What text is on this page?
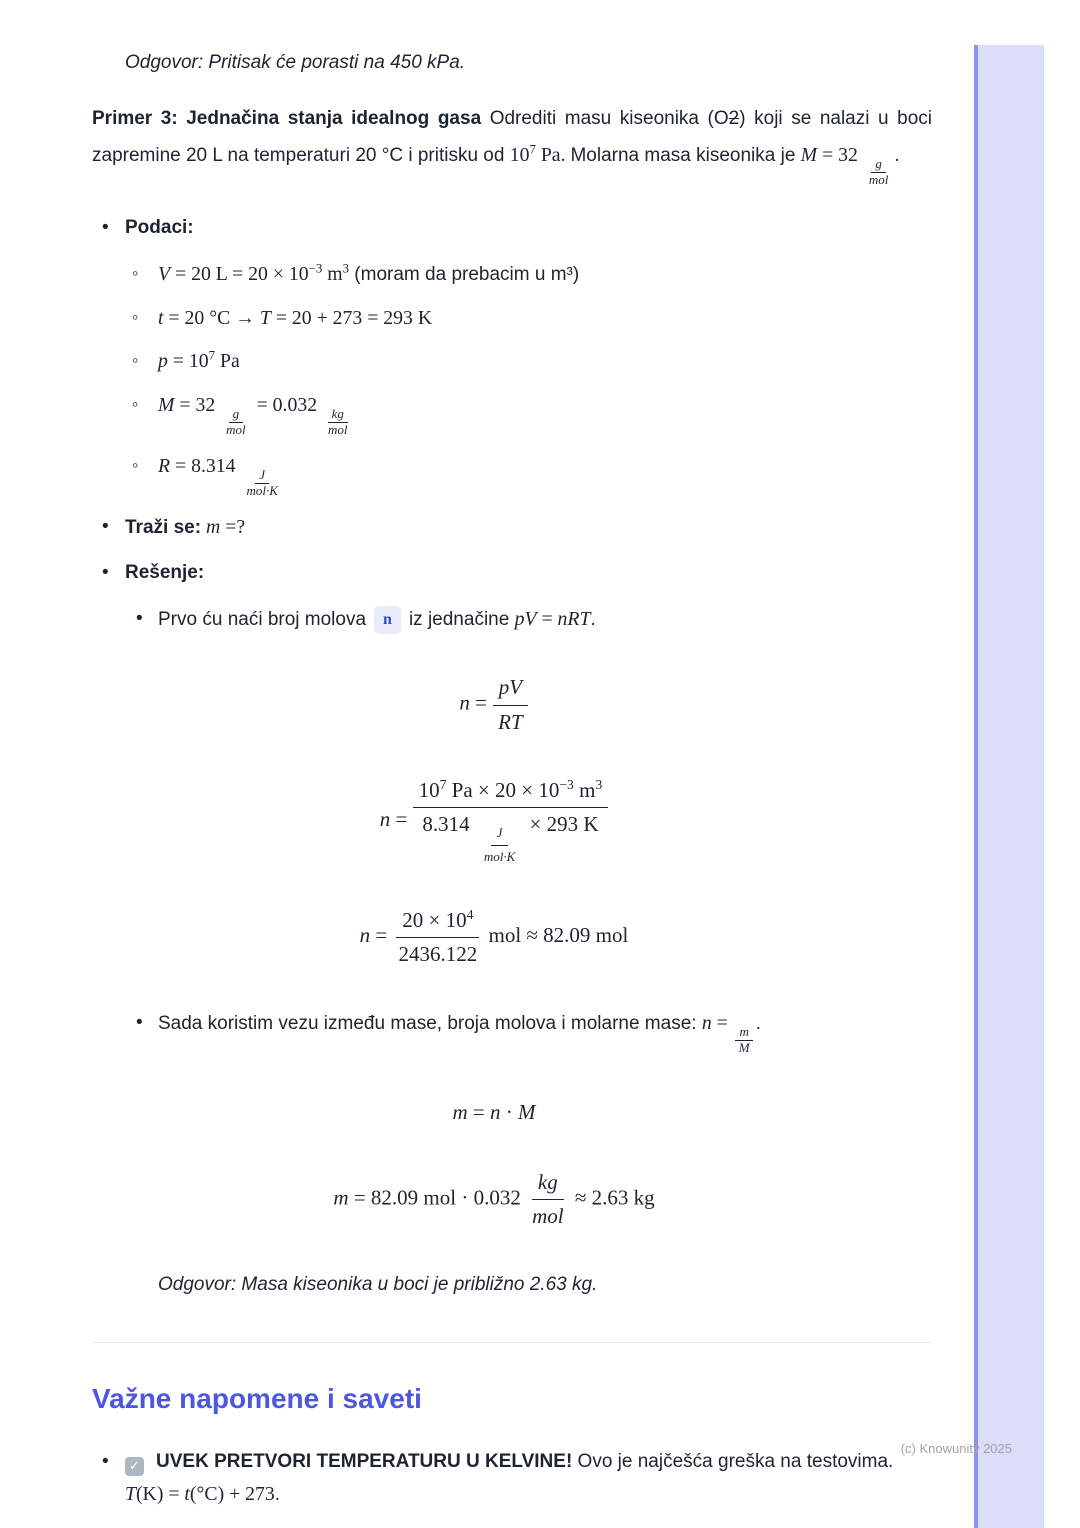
(c) Knowunity 2025

Odgovor: Pritisak će porasti na 450 kPa.

Primer 3: Jednačina stanja idealnog gasa Odrediti masu kiseonika (O2) koji se nalazi u boci zapremine 20 L na temperaturi 20 °C i pritisku od $10^7$ Pa. Molarna masa kiseonika je M = 32 g
mol
.

• Podaci:
◦ V = 20 $L = 20 \times 10^{-3}$ $m^3$ (moram da prebacim u m³)
◦ t = 20 °C → T = 20 + 273 = 293 K
◦ $p = 10^7$ Pa
◦ M = 32 g
mol
= 0.032 kg
mol
◦ R = 8.314	J
mol·K
• Traži se: m =?
• Rešenje:
• Prvo ću naći broj molova n iz jednačine pV = nRT.
$n = \frac{pV}{RT}$
n =
$10^7$ $Pa \times 20 \times 10^{-3}$ $m^3$
8.314	J
mol·K
× 293 K
$n = \frac{20 \times 10^4}{2436.122}$ mol ≈ 82.09 mol
• Sada koristim vezu između mase, broja molova i molarne mase: n =
$\frac{m}{M}$
.
m = n · M
m = 82.09 mol · 0.032
kg
mol
≈ 2.63 kg

Odgovor: Masa kiseonika u boci je približno 2.63 kg.

Važne napomene i saveti
•	✓ UVEK PRETVORI TEMPERATURU U KELVINE! Ovo je najčešća greška na testovima. T(K) = t(°C) + 273.
